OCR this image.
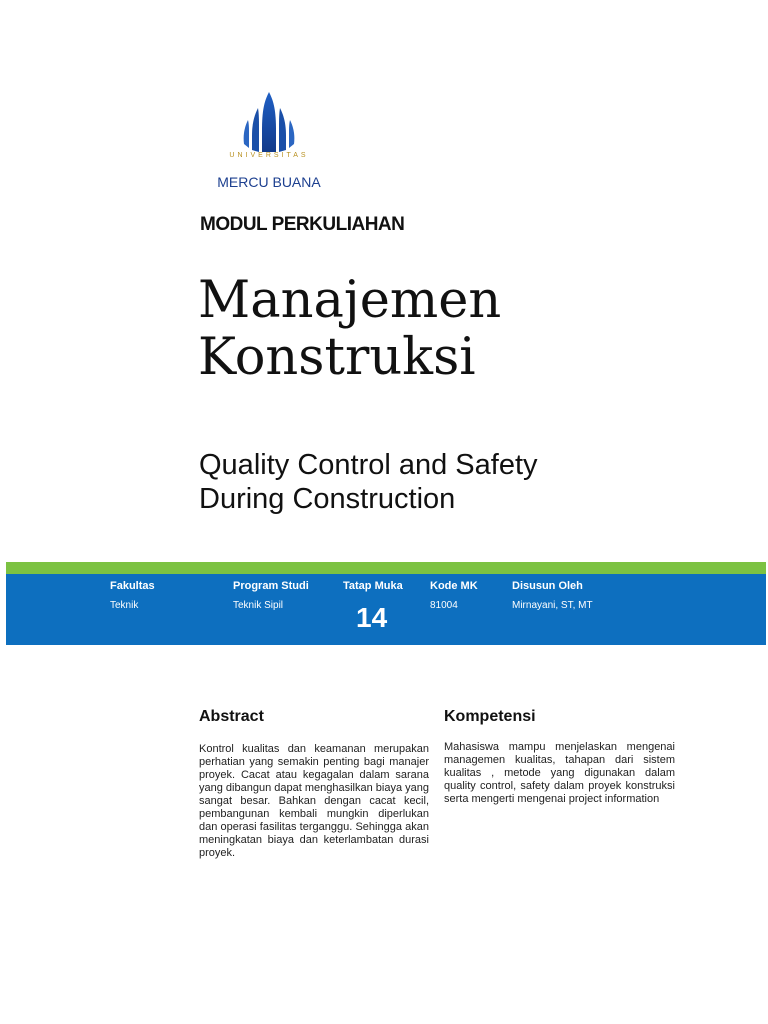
UNIVERSITAS
MERCU BUANA
MODUL PERKULIAHAN
Manajemen
Konstruksi
Quality Control and Safety
During Construction
Fakultas
Teknik
Program Studi
Teknik Sipil
Tatap Muka
14
Kode MK
81004
Disusun Oleh
Mirnayani, ST, MT
Abstract
Kontrol kualitas dan keamanan merupakan perhatian yang semakin penting bagi manajer proyek. Cacat atau kegagalan dalam sarana yang dibangun dapat menghasilkan biaya yang sangat besar. Bahkan dengan cacat kecil, pembangunan kembali mungkin diperlukan dan operasi fasilitas terganggu. Sehingga akan meningkatan biaya dan keterlambatan durasi proyek.
Kompetensi
Mahasiswa mampu menjelaskan mengenai managemen kualitas, tahapan dari sistem kualitas , metode yang digunakan dalam quality control, safety dalam proyek konstruksi serta mengerti mengenai project information
